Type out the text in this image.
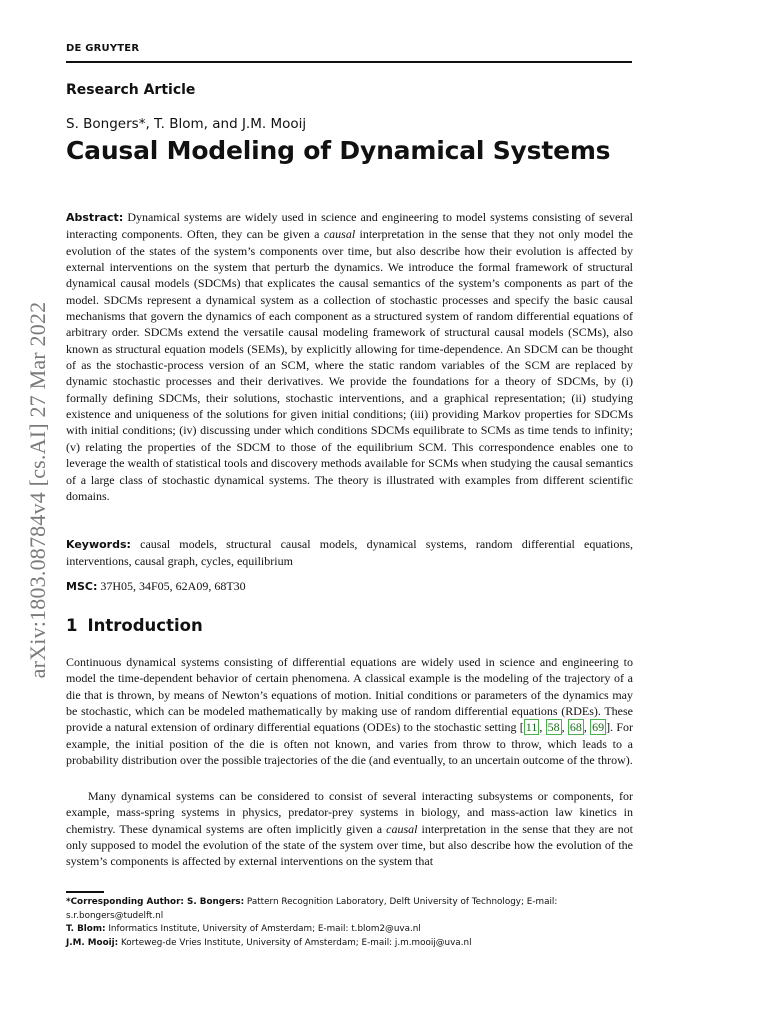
DE GRUYTER
Research Article
S. Bongers*, T. Blom, and J.M. Mooij
Causal Modeling of Dynamical Systems
arXiv:1803.08784v4 [cs.AI] 27 Mar 2022
Abstract: Dynamical systems are widely used in science and engineering to model systems consisting of several interacting components. Often, they can be given a causal interpretation in the sense that they not only model the evolution of the states of the system’s components over time, but also describe how their evolution is affected by external interventions on the system that perturb the dynamics. We introduce the formal framework of structural dynamical causal models (SDCMs) that explicates the causal semantics of the system’s components as part of the model. SDCMs represent a dynamical system as a collection of stochastic processes and specify the basic causal mechanisms that govern the dynamics of each component as a structured system of random differential equations of arbitrary order. SDCMs extend the versatile causal modeling framework of structural causal models (SCMs), also known as structural equation models (SEMs), by explicitly allowing for time-dependence. An SDCM can be thought of as the stochastic-process version of an SCM, where the static random variables of the SCM are replaced by dynamic stochastic processes and their derivatives. We provide the foundations for a theory of SDCMs, by (i) formally defining SDCMs, their solutions, stochastic interventions, and a graphical representation; (ii) studying existence and uniqueness of the solutions for given initial conditions; (iii) providing Markov properties for SDCMs with initial conditions; (iv) discussing under which conditions SDCMs equilibrate to SCMs as time tends to infinity; (v) relating the properties of the SDCM to those of the equilibrium SCM. This correspondence enables one to leverage the wealth of statistical tools and discovery methods available for SCMs when studying the causal semantics of a large class of stochastic dynamical systems. The theory is illustrated with examples from different scientific domains.
Keywords: causal models, structural causal models, dynamical systems, random differential equations, interventions, causal graph, cycles, equilibrium
MSC: 37H05, 34F05, 62A09, 68T30
1 Introduction
Continuous dynamical systems consisting of differential equations are widely used in science and engineering to model the time-dependent behavior of certain phenomena. A classical example is the modeling of the trajectory of a die that is thrown, by means of Newton’s equations of motion. Initial conditions or parameters of the dynamics may be stochastic, which can be modeled mathematically by making use of random differential equations (RDEs). These provide a natural extension of ordinary differential equations (ODEs) to the stochastic setting [ 11 , 58 , 68 , 69 ]. For example, the initial position of the die is often not known, and varies from throw to throw, which leads to a probability distribution over the possible trajectories of the die (and eventually, to an uncertain outcome of the throw).
Many dynamical systems can be considered to consist of several interacting subsystems or components, for example, mass-spring systems in physics, predator-prey systems in biology, and mass-action law kinetics in chemistry. These dynamical systems are often implicitly given a causal interpretation in the sense that they are not only supposed to model the evolution of the state of the system over time, but also describe how the evolution of the system’s components is affected by external interventions on the system that
*Corresponding Author: S. Bongers: Pattern Recognition Laboratory, Delft University of Technology; E-mail: s.r.bongers@tudelft.nl
T. Blom: Informatics Institute, University of Amsterdam; E-mail: t.blom2@uva.nl
J.M. Mooij: Korteweg-de Vries Institute, University of Amsterdam; E-mail: j.m.mooij@uva.nl
